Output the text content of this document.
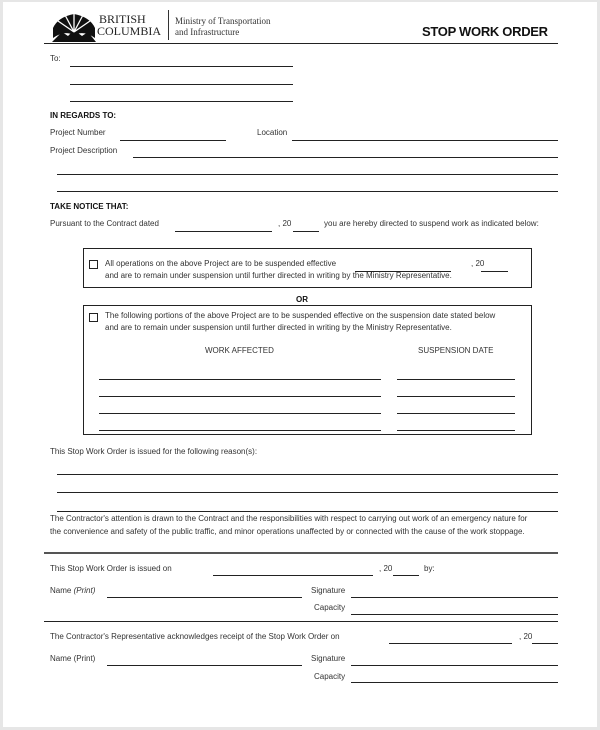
BRITISH
COLUMBIA
Ministry of Transportation
and Infrastructure	STOP WORK ORDER
To:
IN REGARDS TO:
Project Number	Location
Project Description
TAKE NOTICE THAT:
Pursuant to the Contract dated	, 20	you are hereby directed to suspend work as indicated below:
All operations on the above Project are to be suspended effective	, 20
and are to remain under suspension until further directed in writing by the Ministry Representative.
OR
The following portions of the above Project are to be suspended effective on the suspension date stated below
and are to remain under suspension until further directed in writing by the Ministry Representative.
WORK AFFECTED	SUSPENSION DATE
This Stop Work Order is issued for the following reason(s):
The Contractor's attention is drawn to the Contract and the responsibilities with respect to carrying out work of an emergency nature for
the convenience and safety of the public traffic, and minor operations unaffected by or connected with the cause of the work stoppage.
This Stop Work Order is issued on	, 20	by:
Name (Print)	Signature
Capacity
The Contractor's Representative acknowledges receipt of the Stop Work Order on	, 20
Name (Print)	Signature
Capacity
